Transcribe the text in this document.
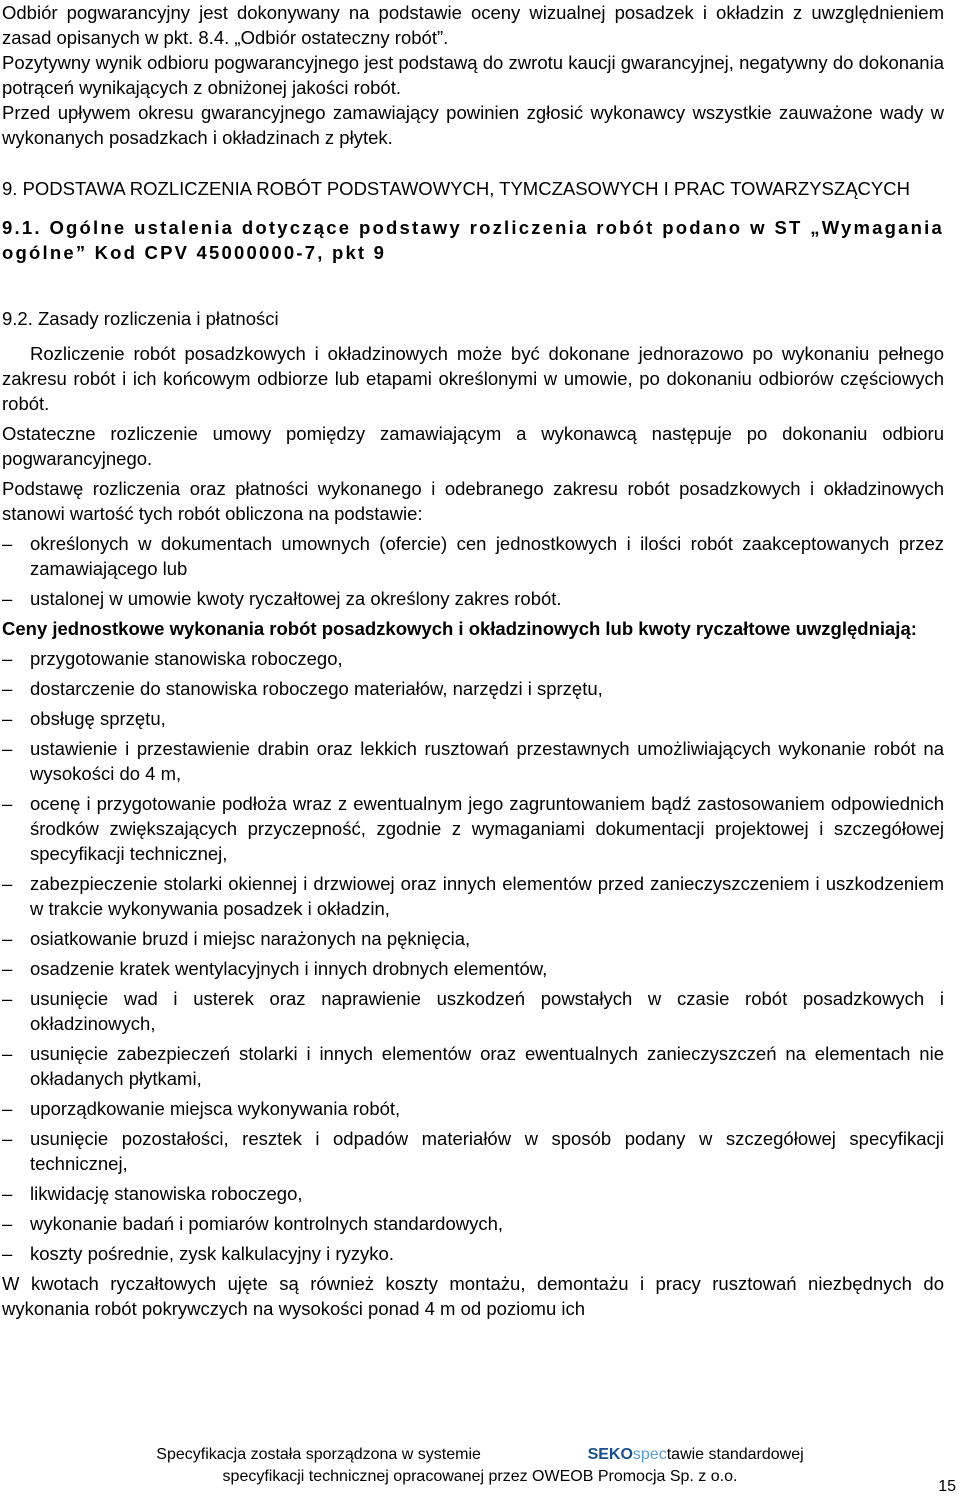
Odbiór pogwarancyjny jest dokonywany na podstawie oceny wizualnej posadzek i okładzin z uwzględnieniem zasad opisanych w pkt. 8.4. „Odbiór ostateczny robót”.

Pozytywny wynik odbioru pogwarancyjnego jest podstawą do zwrotu kaucji gwarancyjnej, negatywny do dokonania potrąceń wynikających z obniżonej jakości robót.

Przed upływem okresu gwarancyjnego zamawiający powinien zgłosić wykonawcy wszystkie zauważone wady w wykonanych posadzkach i okładzinach z płytek.

9. PODSTAWA ROZLICZENIA ROBÓT PODSTAWOWYCH, TYMCZASOWYCH I PRAC TOWARZYSZĄCYCH

9.1. Ogólne ustalenia dotyczące podstawy rozliczenia robót podano w ST „Wymagania ogólne” Kod CPV 45000000-7, pkt 9

9.2. Zasady rozliczenia i płatności

Rozliczenie robót posadzkowych i okładzinowych może być dokonane jednorazowo po wykonaniu pełnego zakresu robót i ich końcowym odbiorze lub etapami określonymi w umowie, po dokonaniu odbiorów częściowych robót.

Ostateczne rozliczenie umowy pomiędzy zamawiającym a wykonawcą następuje po dokonaniu odbioru pogwarancyjnego.

Podstawę rozliczenia oraz płatności wykonanego i odebranego zakresu robót posadzkowych i okładzinowych stanowi wartość tych robót obliczona na podstawie:

– określonych w dokumentach umownych (ofercie) cen jednostkowych i ilości robót zaakceptowanych przez zamawiającego lub
– ustalonej w umowie kwoty ryczałtowej za określony zakres robót.

Ceny jednostkowe wykonania robót posadzkowych i okładzinowych lub kwoty ryczałtowe uwzględniają:

– przygotowanie stanowiska roboczego,
– dostarczenie do stanowiska roboczego materiałów, narzędzi i sprzętu,
– obsługę sprzętu,
– ustawienie i przestawienie drabin oraz lekkich rusztowań przestawnych umożliwiających wykonanie robót na wysokości do 4 m,
– ocenę i przygotowanie podłoża wraz z ewentualnym jego zagruntowaniem bądź zastosowaniem odpowiednich środków zwiększających przyczepność, zgodnie z wymaganiami dokumentacji projektowej i szczegółowej specyfikacji technicznej,
– zabezpieczenie stolarki okiennej i drzwiowej oraz innych elementów przed zanieczyszczeniem i uszkodzeniem w trakcie wykonywania posadzek i okładzin,
– osiatkowanie bruzd i miejsc narażonych na pęknięcia,
– osadzenie kratek wentylacyjnych i innych drobnych elementów,
– usunięcie wad i usterek oraz naprawienie uszkodzeń powstałych w czasie robót posadzkowych i okładzinowych,
– usunięcie zabezpieczeń stolarki i innych elementów oraz ewentualnych zanieczyszczeń na elementach nie okładanych płytkami,
– uporządkowanie miejsca wykonywania robót,
– usunięcie pozostałości, resztek i odpadów materiałów w sposób podany w szczegółowej specyfikacji technicznej,
– likwidację stanowiska roboczego,
– wykonanie badań i pomiarów kontrolnych standardowych,
– koszty pośrednie, zysk kalkulacyjny i ryzyko.

W kwotach ryczałtowych ujęte są również koszty montażu, demontażu i pracy rusztowań niezbędnych do wykonania robót pokrywczych na wysokości ponad 4 m od poziomu ich

Specyfikacja została sporządzona w systemie	SEKOspectawie standardowej
specyfikacji technicznej opracowanej przez OWEOB Promocja Sp. z o.o.
15
